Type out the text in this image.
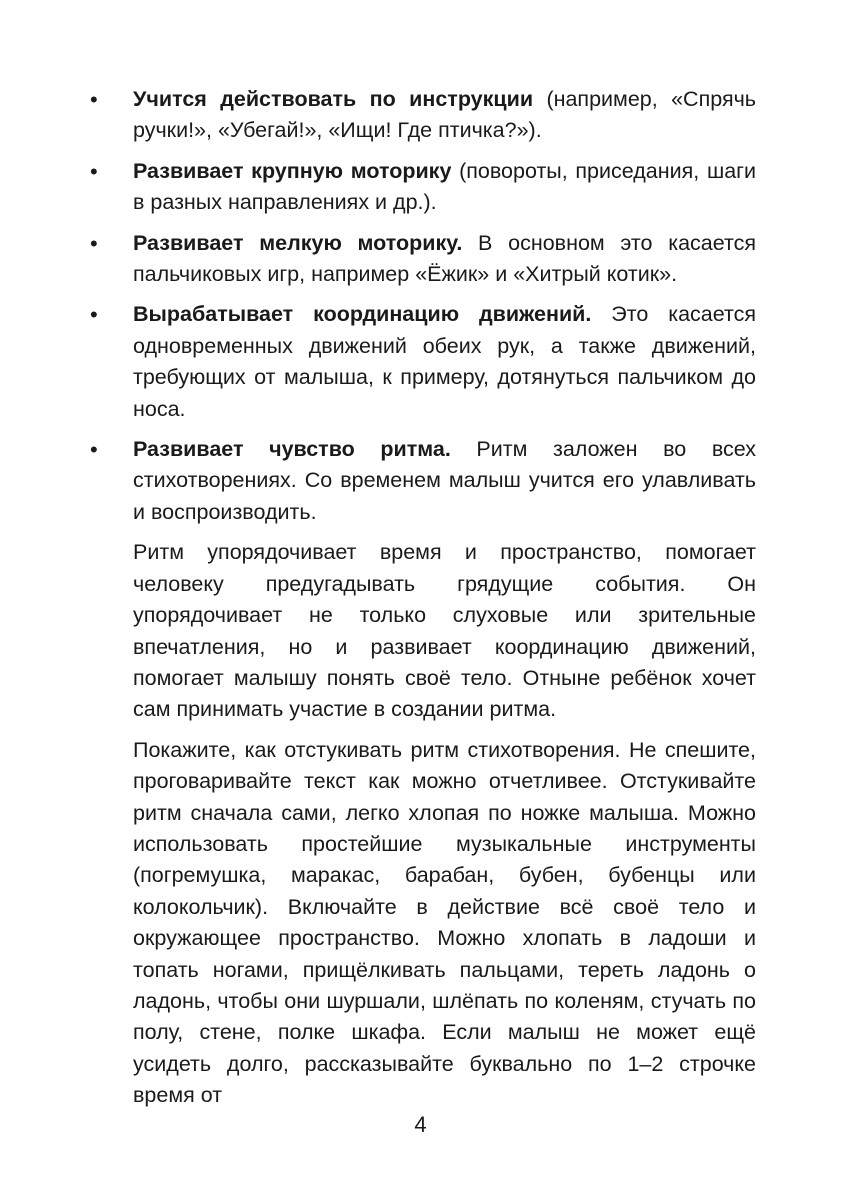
•	Учится действовать по инструкции (например, «Спрячь ручки!», «Убегай!», «Ищи! Где птичка?»).
•	Развивает крупную моторику (повороты, приседания, шаги в разных направлениях и др.).
•	Развивает мелкую моторику. В основном это касается пальчиковых игр, например «Ёжик» и «Хитрый котик».
•	Вырабатывает координацию движений. Это касается одновременных движений обеих рук, а также движений, требующих от малыша, к примеру, дотянуться пальчиком до носа.
•	Развивает чувство ритма. Ритм заложен во всех стихотворениях. Со временем малыш учится его улавливать и воспроизводить.

Ритм упорядочивает время и пространство, помогает человеку предугадывать грядущие события. Он упорядочивает не только слуховые или зрительные впечатления, но и развивает координацию движений, помогает малышу понять своё тело. Отныне ребёнок хочет сам принимать участие в создании ритма.

Покажите, как отстукивать ритм стихотворения. Не спешите, проговаривайте текст как можно отчетливее. Отстукивайте ритм сначала сами, легко хлопая по ножке малыша. Можно использовать простейшие музыкальные инструменты (погремушка, маракас, барабан, бубен, бубенцы или колокольчик). Включайте в действие всё своё тело и окружающее пространство. Можно хлопать в ладоши и топать ногами, прищёлкивать пальцами, тереть ладонь о ладонь, чтобы они шуршали, шлёпать по коленям, стучать по полу, стене, полке шкафа. Если малыш не может ещё усидеть долго, рассказывайте буквально по 1–2 строчке время от

4
